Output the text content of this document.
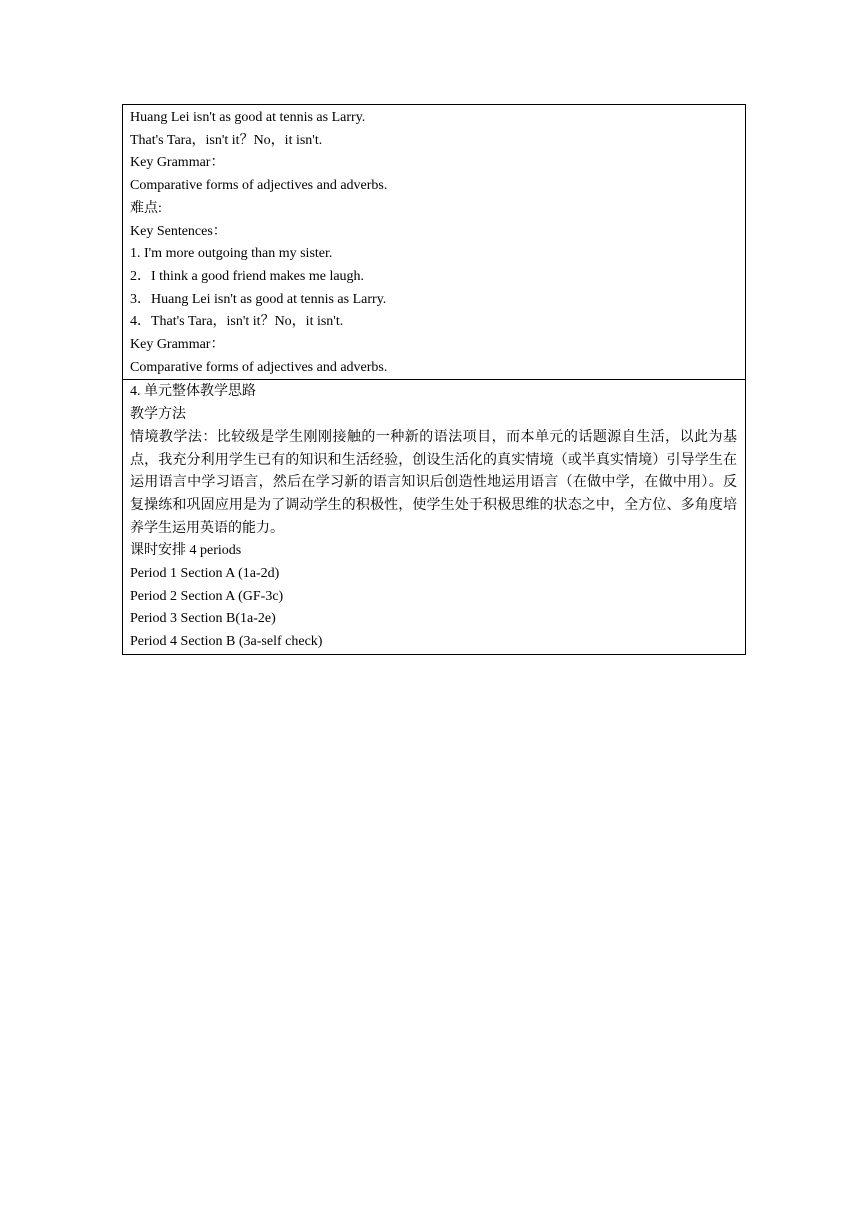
Huang Lei isn't as good at tennis as Larry.
That's Tara，isn't it？No，it isn't.
Key Grammar：
Comparative forms of adjectives and adverbs.
难点:
Key Sentences：
1. I'm more outgoing than my sister.
2．I think a good friend makes me laugh.
3．Huang Lei isn't as good at tennis as Larry.
4．That's Tara，isn't it？No，it isn't.
Key Grammar：
Comparative forms of adjectives and adverbs.
4. 单元整体教学思路
教学方法

情境教学法：比较级是学生刚刚接触的一种新的语法项目，而本单元的话题源自生活，以此为基点，我充分利用学生已有的知识和生活经验，创设生活化的真实情境（或半真实情境）引导学生在运用语言中学习语言，然后在学习新的语言知识后创造性地运用语言（在做中学，在做中用）。反复操练和巩固应用是为了调动学生的积极性，使学生处于积极思维的状态之中，全方位、多角度培养学生运用英语的能力。

课时安排 4 periods
Period 1 Section A (1a-2d)
Period 2 Section A (GF-3c)
Period 3 Section B(1a-2e)
Period 4 Section B (3a-self check)
